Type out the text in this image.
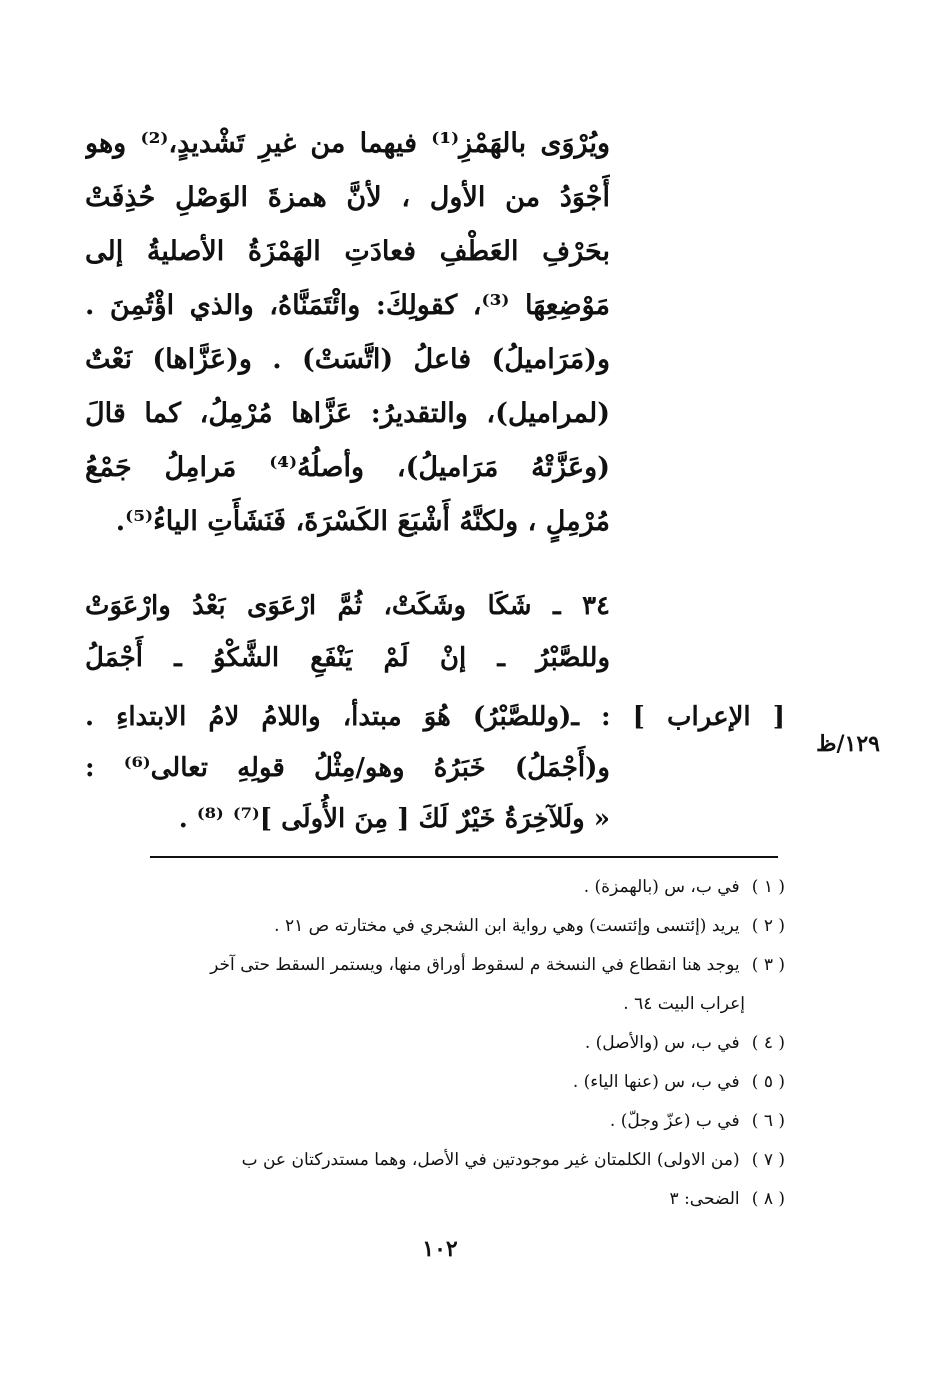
ويُرْوَى بالهَمْزِ⁽¹⁾ فيهما من غيرِ تَشْديدٍ،⁽²⁾ وهو
أَجْوَدُ من الأول ، لأنَّ همزةَ الوَصْلِ حُذِفَتْ
بحَرْفِ العَطْفِ فعادَتِ الهَمْزَةُ الأصليةُ إلى
مَوْضِعِهَا ⁽³⁾، كقولِكَ: وائْتَمَنَّاهُ، والذي اؤْتُمِنَ .
و(مَرَاميلُ) فاعلُ (اتَّسَتْ) . و(عَزَّاها) نَعْتٌ
(لمراميل)، والتقديرُ: عَزَّاها مُرْمِلُ، كما قالَ
(وعَزَّتْهُ مَرَاميلُ)، وأصلُهُ⁽⁴⁾ مَرامِلُ جَمْعُ
مُرْمِلٍ ، ولكنَّهُ أَشْبَعَ الكَسْرَةَ، فَنَشَأَتِ الياءُ⁽⁵⁾.
٣٤ ـ شَكَا وشَكَتْ، ثُمَّ ارْعَوَى بَعْدُ وارْعَوَتْ
وللصَّبْرُ ـ إنْ لَمْ يَنْفَعِ الشَّكْوُ ـ أَجْمَلُ
[ الإعراب ] : ـ(وللصَّبْرُ) هُوَ مبتدأ، واللامُ لامُ الابتداءِ .
و(أَجْمَلُ) خَبَرُهُ وهو/مِثْلُ قولِهِ تعالى⁽⁶⁾ :
« ولَلآخِرَةُ خَيْرٌ لَكَ [ مِنَ الأُولَى ]⁽⁷⁾ ⁽⁸⁾ .
١٢٩/ظ
( ١ ) في ب، س (بالهمزة) .
( ٢ ) يريد (إئتسى وإئتست) وهي رواية ابن الشجري في مختارته ص ٢١ .
( ٣ ) يوجد هنا انقطاع في النسخة م لسقوط أوراق منها، ويستمر السقط حتى آخر
إعراب البيت ٦٤ .
( ٤ ) في ب، س (والأصل) .
( ٥ ) في ب، س (عنها الياء) .
( ٦ ) في ب (عزّ وجلّ) .
( ٧ ) (من الاولى) الكلمتان غير موجودتين في الأصل، وهما مستدركتان عن ب
( ٨ ) الضحى: ٣
١٠٢
